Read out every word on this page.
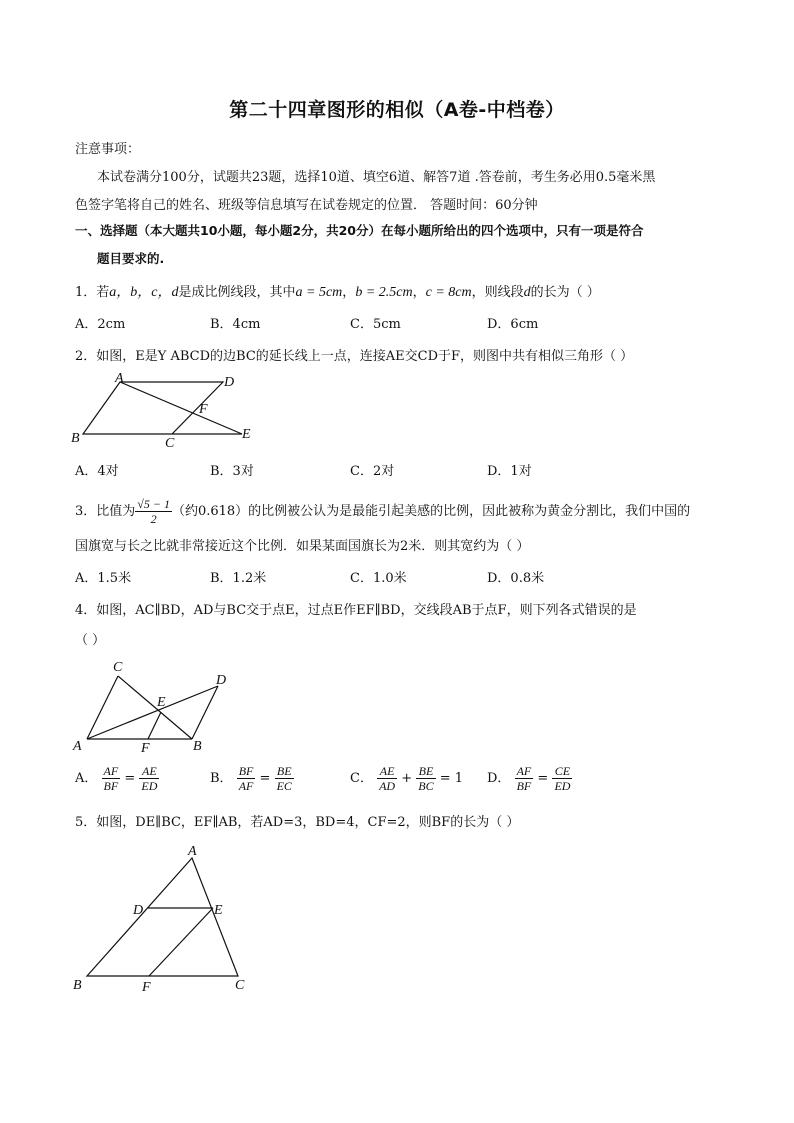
第二十四章图形的相似（A卷-中档卷）
注意事项：
本试卷满分100分，试题共23题，选择10道、填空6道、解答7道 .答卷前，考生务必用0.5毫米黑
色签字笔将自己的姓名、班级等信息填写在试卷规定的位置． 答题时间：60分钟
一、选择题（本大题共10小题，每小题2分，共20分）在每小题所给出的四个选项中，只有一项是符合
题目要求的.
1．若a，b，c，d是成比例线段，其中a = 5cm，b = 2.5cm，c = 8cm，则线段d的长为（ ）
A．2cm	B．4cm	C．5cm	D．6cm
2．如图，E是Y ABCD的边BC的延长线上一点，连接AE交CD于F，则图中共有相似三角形（ ）
A	D
F
B	C
E
A．4对	B．3对	C．2对	D．1对
3．比值为 $\frac{√5 - 1}{2}$ （约0.618）的比例被公认为是最能引起美感的比例，因此被称为黄金分割比，我们中国的
国旗宽与长之比就非常接近这个比例．如果某面国旗长为2米．则其宽约为（ ）
A．1.5米	B．1.2米	C．1.0米	D．0.8米
4．如图，AC∥BD，AD与BC交于点E，过点E作EF∥BD，交线段AB于点F，则下列各式错误的是
（ ）
C
D
E
A	F	B
A． $\frac{AF}{BF} = \frac{AE}{ED}$	B． $\frac{BF}{AF} = \frac{BE}{EC}$	C． $\frac{AE}{AD} + \frac{BE}{BC} = 1$ D． $\frac{AF}{BF} = \frac{CE}{ED}$
5．如图，DE∥BC，EF∥AB，若AD=3，BD=4，CF=2，则BF的长为（ ）
A
D	E
B	F	C
